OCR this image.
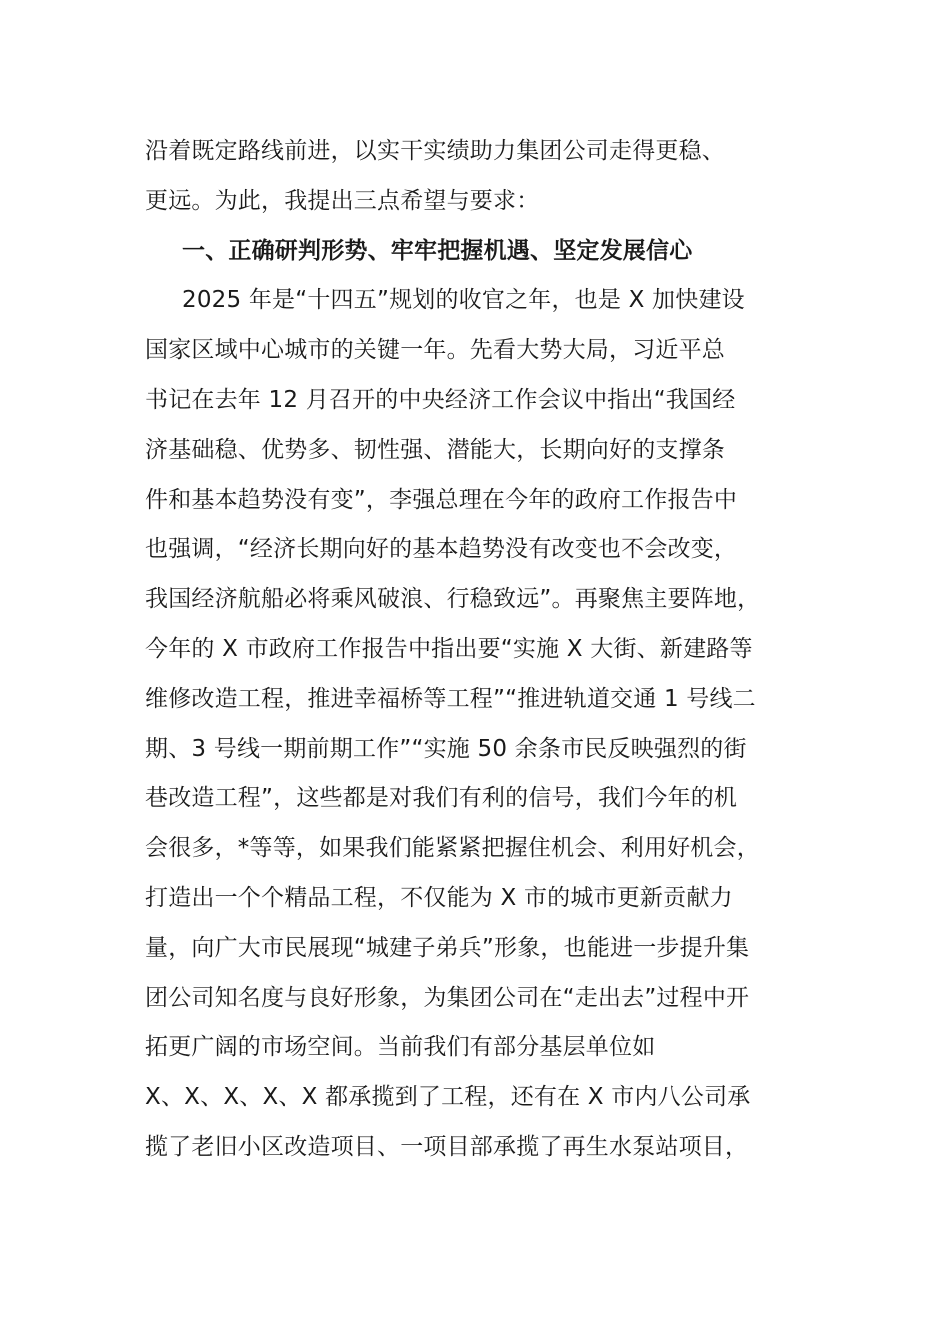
沿着既定路线前进，以实干实绩助力集团公司走得更稳、
更远。为此，我提出三点希望与要求：
一、正确研判形势、牢牢把握机遇、坚定发展信心
2025 年是“十四五”规划的收官之年，也是 X 加快建设
国家区域中心城市的关键一年。先看大势大局，习近平总
书记在去年 12 月召开的中央经济工作会议中指出“我国经
济基础稳、优势多、韧性强、潜能大，长期向好的支撑条
件和基本趋势没有变”，李强总理在今年的政府工作报告中
也强调，“经济长期向好的基本趋势没有改变也不会改变，
我国经济航船必将乘风破浪、行稳致远”。再聚焦主要阵地，
今年的 X 市政府工作报告中指出要“实施 X 大街、新建路等
维修改造工程，推进幸福桥等工程”“推进轨道交通 1 号线二
期、3 号线一期前期工作”“实施 50 余条市民反映强烈的街
巷改造工程”，这些都是对我们有利的信号，我们今年的机
会很多，*等等，如果我们能紧紧把握住机会、利用好机会，
打造出一个个精品工程，不仅能为 X 市的城市更新贡献力
量，向广大市民展现“城建子弟兵”形象，也能进一步提升集
团公司知名度与良好形象，为集团公司在“走出去”过程中开
拓更广阔的市场空间。当前我们有部分基层单位如
X、X、X、X、X 都承揽到了工程，还有在 X 市内八公司承
揽了老旧小区改造项目、一项目部承揽了再生水泵站项目，
